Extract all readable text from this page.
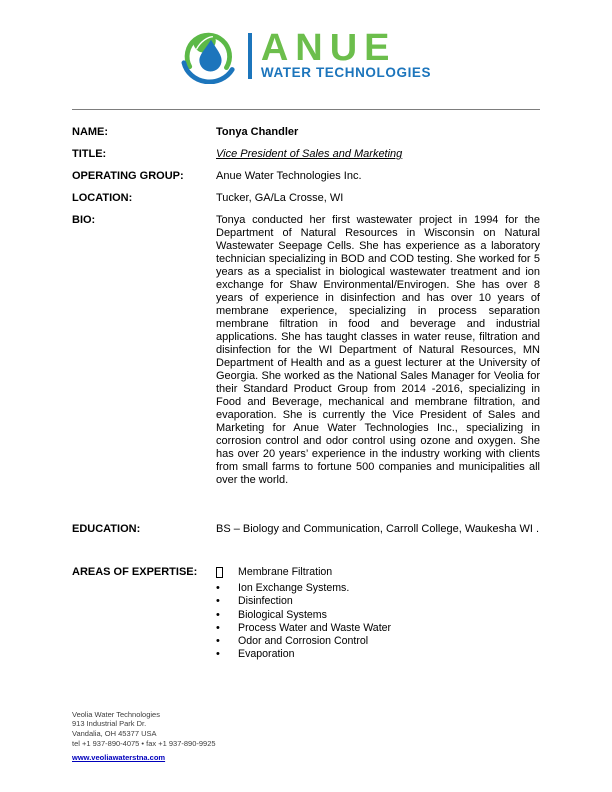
ANUE
WATER TECHNOLOGIES
NAME:	Tonya Chandler
TITLE:	Vice President of Sales and Marketing
OPERATING GROUP:	Anue Water Technologies Inc.
LOCATION:	Tucker, GA/La Crosse, WI
BIO:	Tonya conducted her first wastewater project in 1994 for the Department of Natural Resources in Wisconsin on Natural Wastewater Seepage Cells. She has experience as a laboratory technician specializing in BOD and COD testing. She worked for 5 years as a specialist in biological wastewater treatment and ion exchange for Shaw Environmental/Envirogen. She has over 8 years of experience in disinfection and has over 10 years of membrane experience, specializing in process separation membrane filtration in food and beverage and industrial applications. She has taught classes in water reuse, filtration and disinfection for the WI Department of Natural Resources, MN Department of Health and as a guest lecturer at the University of Georgia. She worked as the National Sales Manager for Veolia for their Standard Product Group from 2014 -2016, specializing in Food and Beverage, mechanical and membrane filtration, and evaporation. She is currently the Vice President of Sales and Marketing for Anue Water Technologies Inc., specializing in corrosion control and odor control using ozone and oxygen. She has over 20 years’ experience in the industry working with clients from small farms to fortune 500 companies and municipalities all over the world.
EDUCATION:	BS – Biology and Communication, Carroll College, Waukesha WI .
AREAS OF EXPERTISE:	Membrane Filtration
•
Ion Exchange Systems.
•
Disinfection
•
Biological Systems
•
Process Water and Waste Water
•
Odor and Corrosion Control
•
Evaporation
Veolia Water Technologies
913 Industrial Park Dr.
Vandalia, OH 45377 USA
tel +1 937-890-4075 • fax +1 937-890-9925
www.veoliawaterstna.com
